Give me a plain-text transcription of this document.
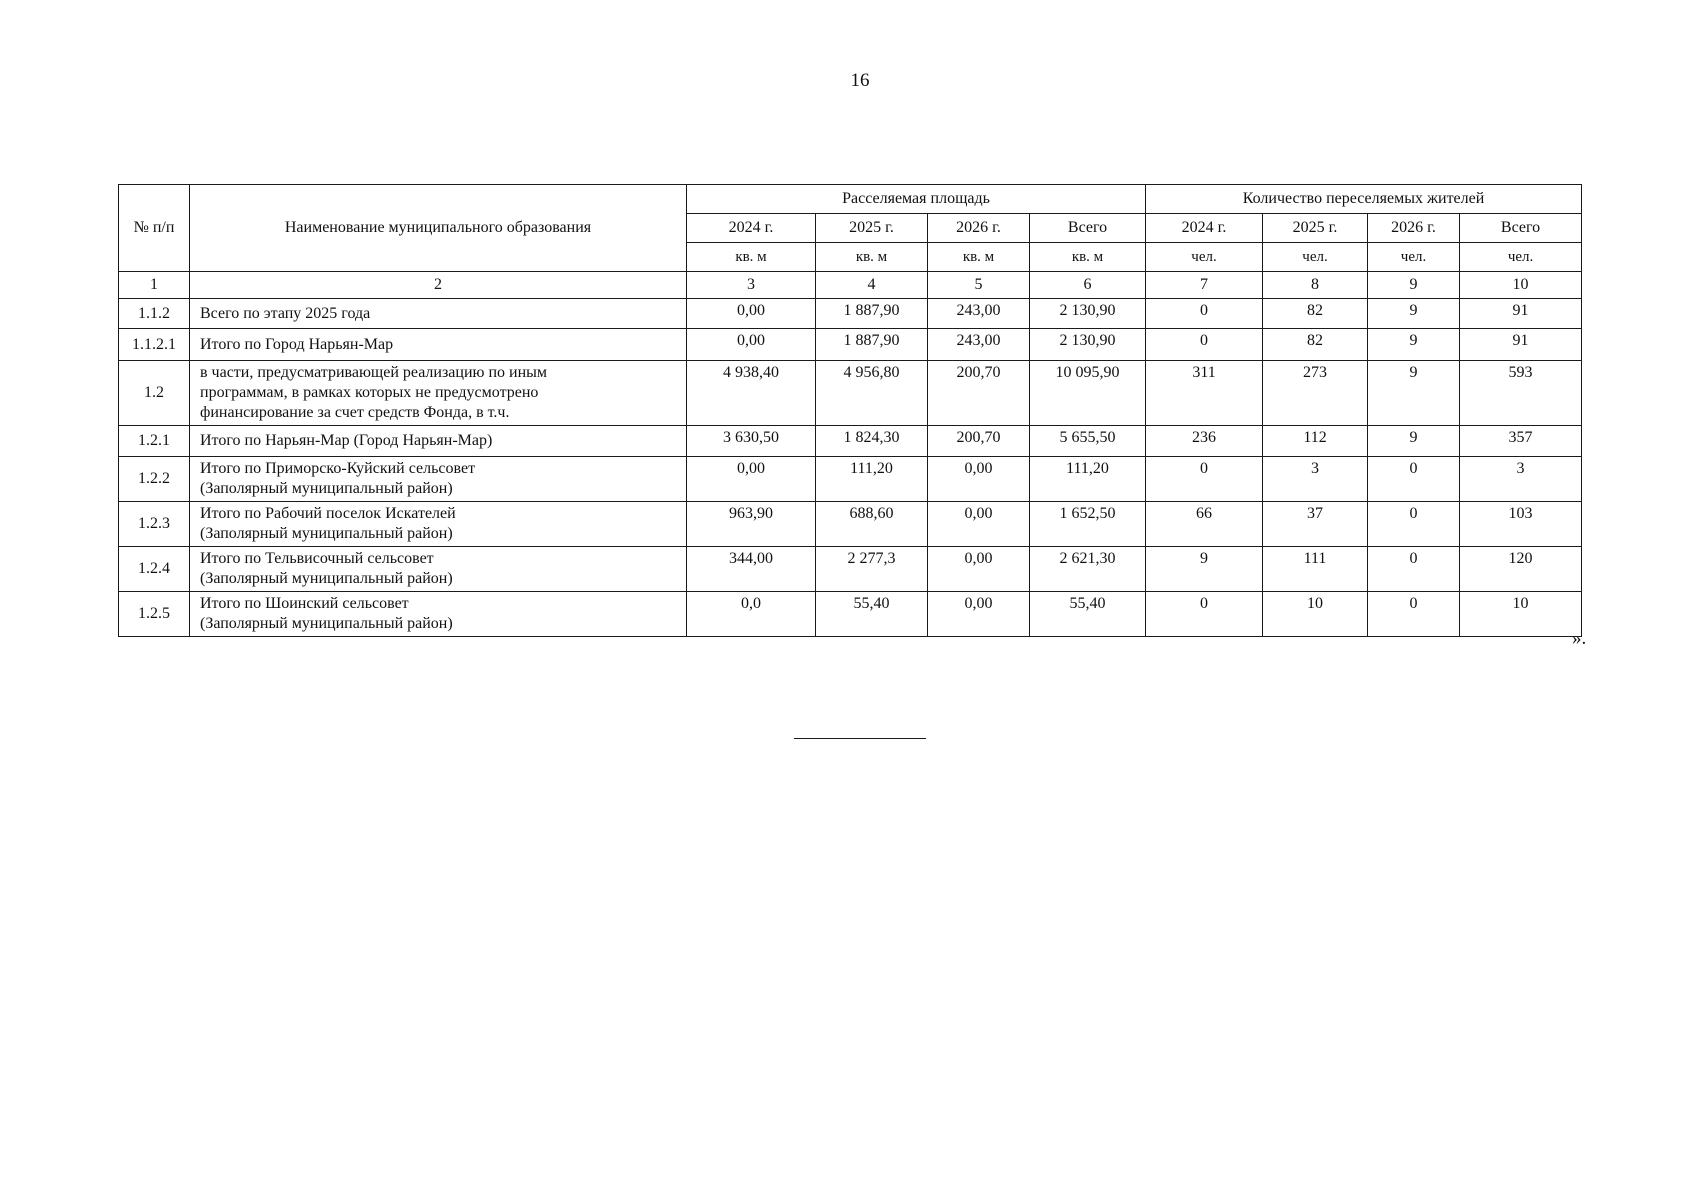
16
№ п/п	Наименование муниципального образования	Расселяемая площадь				Количество переселяемых жителей			
		2024 г.	2025 г.	2026 г.	Всего	2024 г.	2025 г.	2026 г.	Всего
		кв. м	кв. м	кв. м	кв. м	чел.	чел.	чел.	чел.
1	2	3	4	5	6	7	8	9	10
1.1.2	Всего по этапу 2025 года	0,00	1 887,90	243,00	2 130,90	0	82	9	91
1.1.2.1	Итого по Город Нарьян-Мар	0,00	1 887,90	243,00	2 130,90	0	82	9	91
1.2	в части, предусматривающей реализацию по иным
программам, в рамках которых не предусмотрено
финансирование за счет средств Фонда, в т.ч.	4 938,40	4 956,80	200,70	10 095,90	311	273	9	593
1.2.1	Итого по Нарьян-Мар (Город Нарьян-Мар)	3 630,50	1 824,30	200,70	5 655,50	236	112	9	357
1.2.2	Итого по Приморско-Куйский сельсовет
(Заполярный муниципальный район)	0,00	111,20	0,00	111,20	0	3	0	3
1.2.3	Итого по Рабочий поселок Искателей
(Заполярный муниципальный район)	963,90	688,60	0,00	1 652,50	66	37	0	103
1.2.4	Итого по Тельвисочный сельсовет
(Заполярный муниципальный район)	344,00	2 277,3	0,00	2 621,30	9	111	0	120
1.2.5	Итого по Шоинский сельсовет
(Заполярный муниципальный район)	0,0	55,40	0,00	55,40	0	10	0	10
».
